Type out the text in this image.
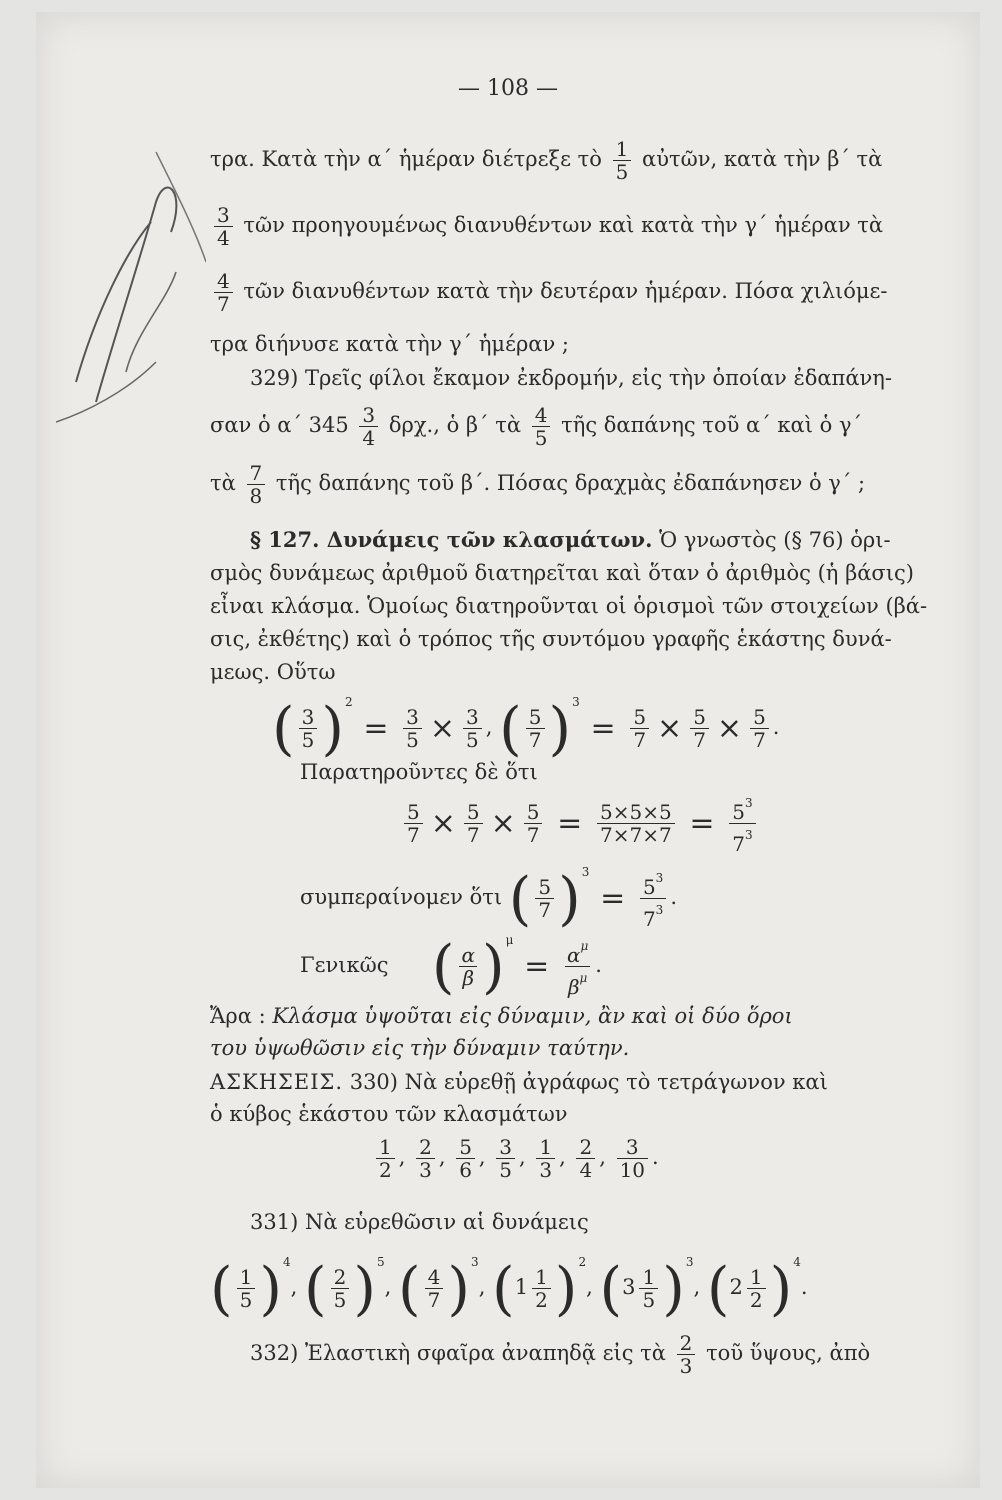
— 108 —
τρα. Κατὰ τὴν α΄ ἡμέραν διέτρεξε τὸ $\frac{1}{5}$ αὐτῶν, κατὰ τὴν β΄ τὰ
$\frac{3}{4}$ τῶν προηγουμένως διανυθέντων καὶ κατὰ τὴν γ΄ ἡμέραν τὰ
$\frac{4}{7}$ τῶν διανυθέντων κατὰ τὴν δευτέραν ἡμέραν. Πόσα χιλιόμε-
τρα διήνυσε κατὰ τὴν γ΄ ἡμέραν ;
329) Τρεῖς φίλοι ἔκαμον ἐκδρομήν, εἰς τὴν ὁποίαν ἐδαπάνη-
σαν ὁ α΄ $345 \frac{3}{4} \delta\rho\chi$., ὁ β΄ τὰ $\frac{4}{5}$ τῆς δαπάνης τοῦ α΄ καὶ ὁ γ΄
τὰ $\frac{7}{8}$ τῆς δαπάνης τοῦ β΄. Πόσας δραχμὰς ἐδαπάνησεν ὁ γ΄ ;
§ 127. Δυνάμεις τῶν κλασμάτων. Ὁ γνωστὸς (§ 76) ὁρι-
σμὸς δυνάμεως ἀριθμοῦ διατηρεῖται καὶ ὅταν ὁ ἀριθμὸς (ἡ βάσις)
εἶναι κλάσμα. Ὁμοίως διατηροῦνται οἱ ὁρισμοὶ τῶν στοιχείων (βά-
σις, ἐκθέτης) καὶ ὁ τρόπος τῆς συντόμου γραφῆς ἑκάστης δυνά-
μεως. Οὕτω
( $\frac{3}{5} )^2 = \frac{3}{5} \times \frac{3}{5}$ , ( $\frac{5}{7} )^3 = \frac{5}{7} \times \frac{5}{7} \times \frac{5}{7}$ .
Παρατηροῦντες δὲ ὅτι
$\frac{5}{7} \times \frac{5}{7} \times \frac{5}{7} = \frac{5\times 5\times 5}{7\times 7\times 7} = \frac{5^3}{7^3}$
συμπεραίνομεν ὅτι ( $\frac{5}{7} )^3 = \frac{5^3}{7^3}$ .
Γενικῶς ( $\frac{\alpha}{\beta} )^\mu = \frac{\alpha^\mu}{\beta^\mu}$ .
Ἄρα : Κλάσμα ὑψοῦται εἰς δύναμιν, ἂν καὶ οἱ δύο ὅροι
του ὑψωθῶσιν εἰς τὴν δύναμιν ταύτην.
ΑΣΚΗΣΕΙΣ. 330) Νὰ εὑρεθῇ ἀγράφως τὸ τετράγωνον καὶ
ὁ κύβος ἑκάστου τῶν κλασμάτων
$\frac{1}{2}$ , $\frac{2}{3}$ , $\frac{5}{6}$ , $\frac{3}{5}$ , $\frac{1}{3}$ , $\frac{2}{4}$ , $\frac{3}{10}$ .
331) Νὰ εὑρεθῶσιν αἱ δυνάμεις
( $\frac{1}{5} )^4$, ( $\frac{2}{5} )^5$, ( $\frac{4}{7} )^3$, $(1 \frac{1}{2} )^2$, $(3 \frac{1}{5} )^3$, $(2 \frac{1}{2} )^4$.
332) Ἐλαστικὴ σφαῖρα ἀναπηδᾷ εἰς τὰ $\frac{2}{3}$ τοῦ ὕψους, ἀπὸ
